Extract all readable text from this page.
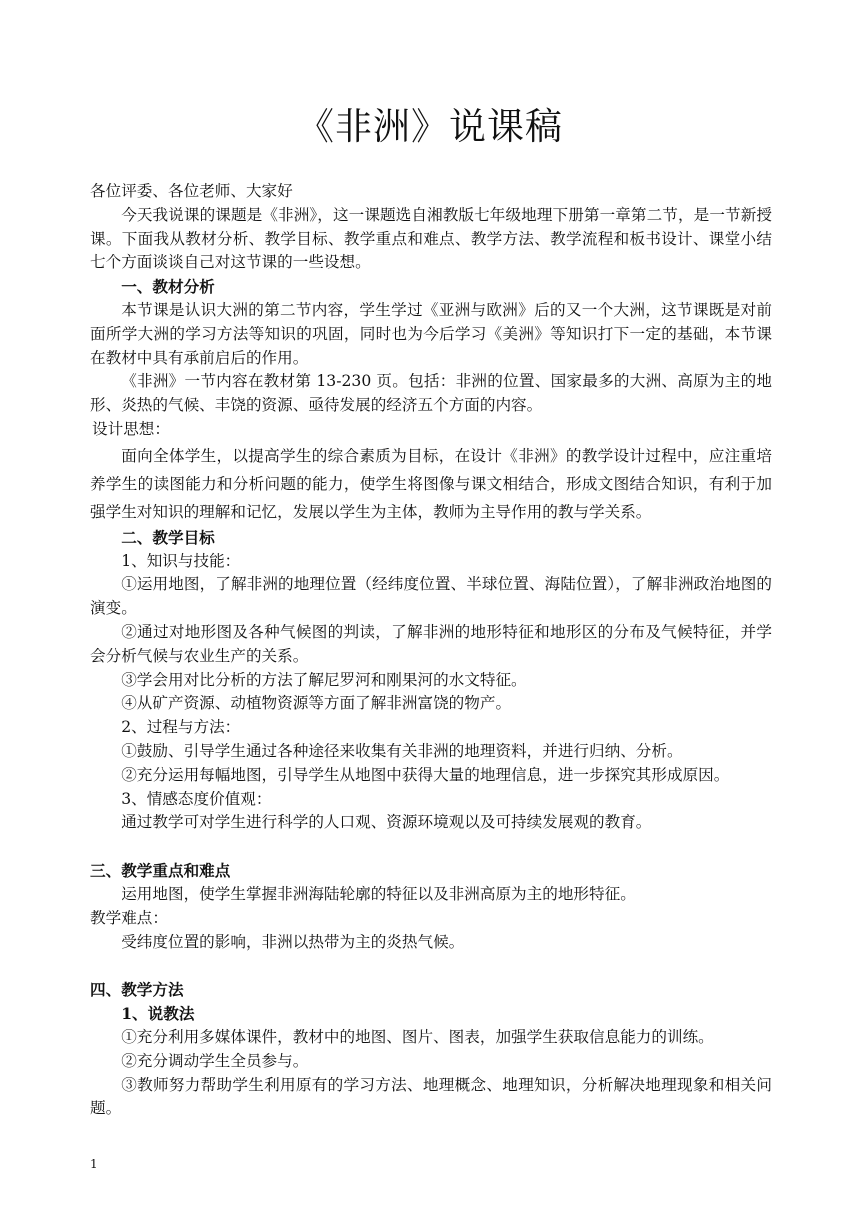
《非洲》说课稿

各位评委、各位老师、大家好

今天我说课的课题是《非洲》，这一课题选自湘教版七年级地理下册第一章第二节，是一节新授课。下面我从教材分析、教学目标、教学重点和难点、教学方法、教学流程和板书设计、课堂小结七个方面谈谈自己对这节课的一些设想。

一、教材分析

本节课是认识大洲的第二节内容，学生学过《亚洲与欧洲》后的又一个大洲，这节课既是对前面所学大洲的学习方法等知识的巩固，同时也为今后学习《美洲》等知识打下一定的基础，本节课在教材中具有承前启后的作用。

《非洲》一节内容在教材第 13-230 页。包括：非洲的位置、国家最多的大洲、高原为主的地形、炎热的气候、丰饶的资源、亟待发展的经济五个方面的内容。

设计思想：

面向全体学生，以提高学生的综合素质为目标，在设计《非洲》的教学设计过程中，应注重培养学生的读图能力和分析问题的能力，使学生将图像与课文相结合，形成文图结合知识，有利于加强学生对知识的理解和记忆，发展以学生为主体，教师为主导作用的教与学关系。

二、教学目标

1、知识与技能：

①运用地图，了解非洲的地理位置（经纬度位置、半球位置、海陆位置），了解非洲政治地图的演变。

②通过对地形图及各种气候图的判读，了解非洲的地形特征和地形区的分布及气候特征，并学会分析气候与农业生产的关系。

③学会用对比分析的方法了解尼罗河和刚果河的水文特征。

④从矿产资源、动植物资源等方面了解非洲富饶的物产。

2、过程与方法：

①鼓励、引导学生通过各种途径来收集有关非洲的地理资料，并进行归纳、分析。

②充分运用每幅地图，引导学生从地图中获得大量的地理信息，进一步探究其形成原因。

3、情感态度价值观：

通过教学可对学生进行科学的人口观、资源环境观以及可持续发展观的教育。

三、教学重点和难点

运用地图，使学生掌握非洲海陆轮廓的特征以及非洲高原为主的地形特征。

教学难点：

受纬度位置的影响，非洲以热带为主的炎热气候。

四、教学方法

1、说教法

①充分利用多媒体课件，教材中的地图、图片、图表，加强学生获取信息能力的训练。

②充分调动学生全员参与。

③教师努力帮助学生利用原有的学习方法、地理概念、地理知识，分析解决地理现象和相关问题。

1
